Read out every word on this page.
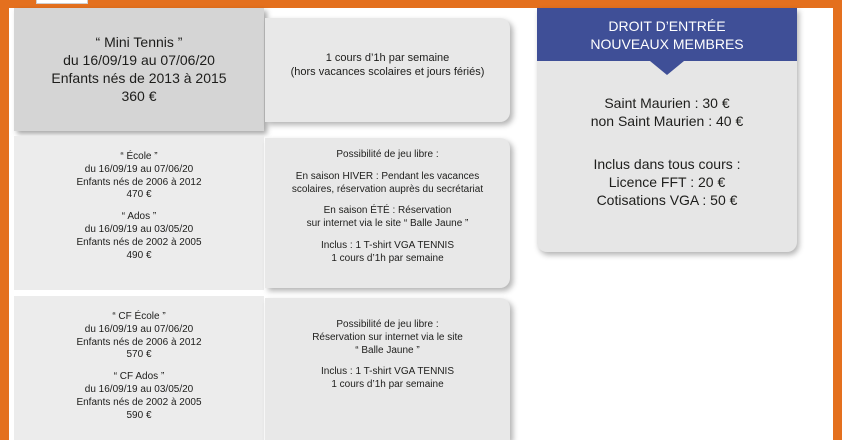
“ Mini Tennis ”
du 16/09/19 au 07/06/20
Enfants nés de 2013 à 2015
360 €
1 cours d’1h par semaine
(hors vacances scolaires et jours fériés)
“ École ”
du 16/09/19 au 07/06/20
Enfants nés de 2006 à 2012
470 €
“ Ados ”
du 16/09/19 au 03/05/20
Enfants nés de 2002 à 2005
490 €
Possibilité de jeu libre :
En saison HIVER : Pendant les vacances
scolaires, réservation auprès du secrétariat
En saison ÉTÉ : Réservation
sur internet via le site “ Balle Jaune ”
Inclus : 1 T-shirt VGA TENNIS
1 cours d’1h par semaine
“ CF École ”
du 16/09/19 au 07/06/20
Enfants nés de 2006 à 2012
570 €
“ CF Ados ”
du 16/09/19 au 03/05/20
Enfants nés de 2002 à 2005
590 €
Possibilité de jeu libre :
Réservation sur internet via le site
“ Balle Jaune ”
Inclus : 1 T-shirt VGA TENNIS
1 cours d’1h par semaine
DROIT D’ENTRÉE
NOUVEAUX MEMBRES
Saint Maurien : 30 €
non Saint Maurien : 40 €
Inclus dans tous cours :
Licence FFT : 20 €
Cotisations VGA : 50 €
